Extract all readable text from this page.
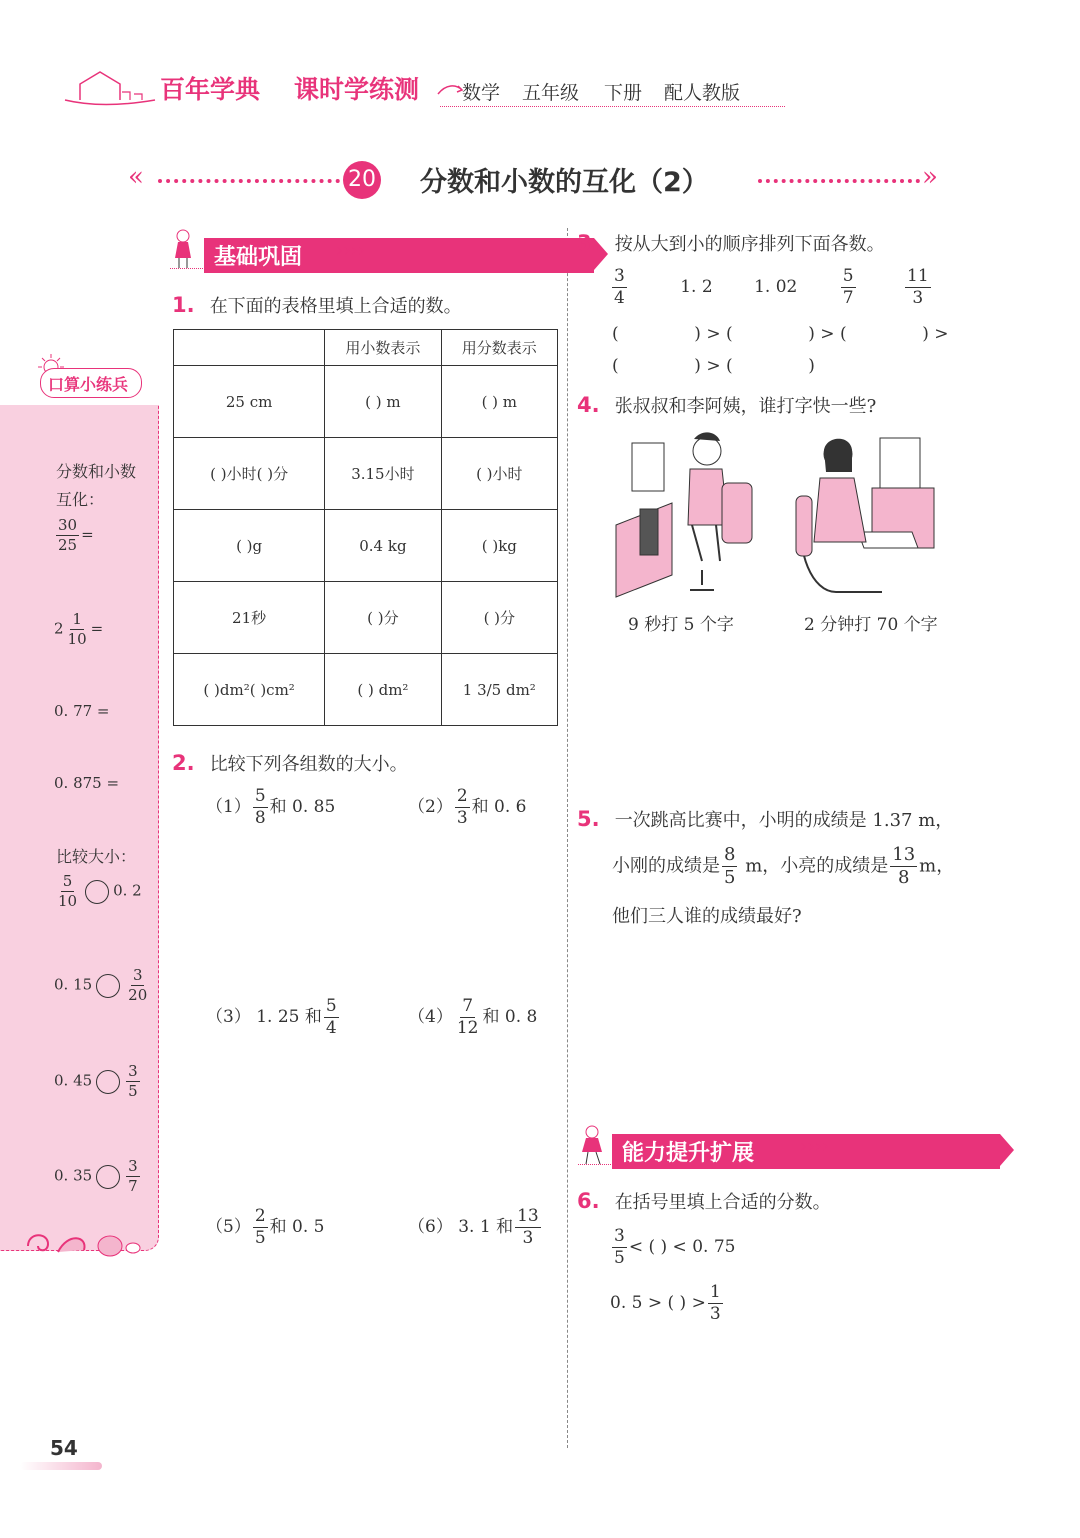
百年学典 课时学练测 数学 五年级 下册 配人教版
«	20 分数和小数的互化（2）	»
口算小练兵
分数和小数互化：
$\frac{30}{25}$ =
$2 \frac{1}{10}$ =
0. 77 =
0. 875 =
比较大小：
$\frac{5}{10} 0$. 2
0. $15 \frac{3}{20}$
0. $45 \frac{3}{5}$
0. $35 \frac{3}{7}$
基础巩固	››››
1. 在下面的表格里填上合适的数。
	用小数表示	用分数表示
25 cm	( ) m	( ) m
( )小时( )分	3.15小时	( )小时
( )g	0.4 kg	( )kg
21秒	( )分	( )分
( )dm²( )cm²	( ) dm²	1 3/5 dm²
2. 比较下列各组数的大小。
$(1) \frac{5}{8}$ 和 0. 85	$(2) \frac{2}{3}$ 和 0. 6
（3） 1. 25 和 $\frac{5}{4}$	$(4) \frac{7}{12}$ 和 0. 8
$(5) \frac{2}{5}$ 和 0. 5	（6） 3. 1 和 $\frac{13}{3}$
3. 按从大到小的顺序排列下面各数。
$\frac{3}{4}$	1. 2 1. 02	$\frac{5}{7}$
	$\frac{11}{3}$
(              ) > (              ) > (              ) >
(              ) > (              )
4. 张叔叔和李阿姨，谁打字快一些?
9 秒打 5 个字	2 分钟打 70 个字
5. 一次跳高比赛中，小明的成绩是 1.37 m，
小刚的成绩是 $\frac{8}{5}$ m，小亮的成绩是 $\frac{13}{8}$ m，
他们三人谁的成绩最好?
能力提升扩展	››››
6. 在括号里填上合适的分数。
$\frac{3}{5}$ < ( ) < 0. 75
0. 5 > ( ) > $\frac{1}{3}$
54
